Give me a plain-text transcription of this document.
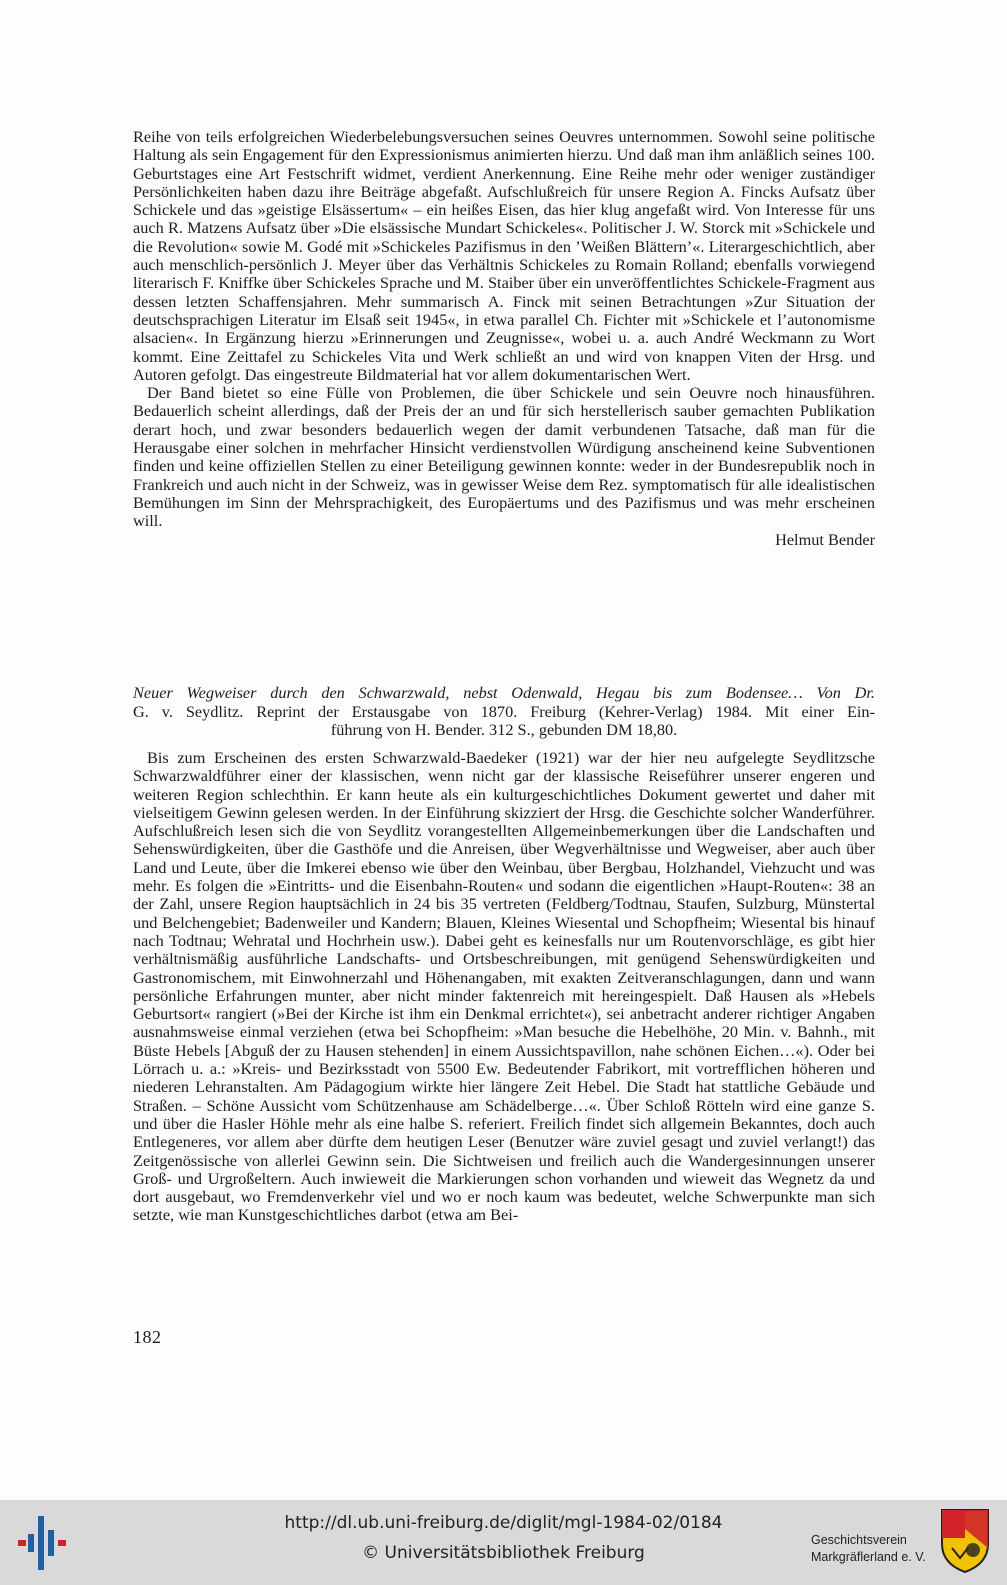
Reihe von teils erfolgreichen Wiederbelebungsversuchen seines Oeuvres unternommen. Sowohl seine politische Haltung als sein Engagement für den Expressionismus animierten hierzu. Und daß man ihm anläßlich seines 100. Geburtstages eine Art Festschrift widmet, verdient Anerkennung. Eine Reihe mehr oder weniger zuständiger Persönlichkeiten haben dazu ihre Beiträge abgefaßt. Aufschlußreich für unsere Region A. Fincks Aufsatz über Schickele und das »geistige Elsässertum« – ein heißes Eisen, das hier klug angefaßt wird. Von Interesse für uns auch R. Matzens Aufsatz über »Die elsässische Mundart Schickeles«. Politischer J. W. Storck mit »Schickele und die Revolution« sowie M. Godé mit »Schickeles Pazifismus in den ’Weißen Blättern’«. Literargeschichtlich, aber auch menschlich-persönlich J. Meyer über das Verhältnis Schickeles zu Romain Rolland; ebenfalls vorwiegend literarisch F. Kniffke über Schickeles Sprache und M. Staiber über ein unveröffentlichtes Schickele-Fragment aus dessen letzten Schaffensjahren. Mehr summarisch A. Finck mit seinen Betrachtungen »Zur Situation der deutschsprachigen Literatur im Elsaß seit 1945«, in etwa parallel Ch. Fichter mit »Schickele et l’autonomisme alsacien«. In Ergänzung hierzu »Erinnerungen und Zeugnisse«, wobei u. a. auch André Weckmann zu Wort kommt. Eine Zeittafel zu Schickeles Vita und Werk schließt an und wird von knappen Viten der Hrsg. und Autoren gefolgt. Das eingestreute Bildmaterial hat vor allem dokumentarischen Wert.

Der Band bietet so eine Fülle von Problemen, die über Schickele und sein Oeuvre noch hinausführen. Bedauerlich scheint allerdings, daß der Preis der an und für sich herstellerisch sauber gemachten Publikation derart hoch, und zwar besonders bedauerlich wegen der damit verbundenen Tatsache, daß man für die Herausgabe einer solchen in mehrfacher Hinsicht verdienstvollen Würdigung anscheinend keine Subventionen finden und keine offiziellen Stellen zu einer Beteiligung gewinnen konnte: weder in der Bundesrepublik noch in Frankreich und auch nicht in der Schweiz, was in gewisser Weise dem Rez. symptomatisch für alle idealistischen Bemühungen im Sinn der Mehrsprachigkeit, des Europäertums und des Pazifismus und was mehr erscheinen will.

Helmut Bender

Neuer Wegweiser durch den Schwarzwald, nebst Odenwald, Hegau bis zum Bodensee… Von Dr.
G. v. Seydlitz. Reprint der Erstausgabe von 1870. Freiburg (Kehrer-Verlag) 1984. Mit einer Ein-
führung von H. Bender. 312 S., gebunden DM 18,80.

Bis zum Erscheinen des ersten Schwarzwald-Baedeker (1921) war der hier neu aufgelegte Seydlitzsche Schwarzwaldführer einer der klassischen, wenn nicht gar der klassische Reiseführer unserer engeren und weiteren Region schlechthin. Er kann heute als ein kulturgeschichtliches Dokument gewertet und daher mit vielseitigem Gewinn gelesen werden. In der Einführung skizziert der Hrsg. die Geschichte solcher Wanderführer. Aufschlußreich lesen sich die von Seydlitz vorangestellten Allgemeinbemerkungen über die Landschaften und Sehenswürdigkeiten, über die Gasthöfe und die Anreisen, über Wegverhältnisse und Wegweiser, aber auch über Land und Leute, über die Imkerei ebenso wie über den Weinbau, über Bergbau, Holzhandel, Viehzucht und was mehr. Es folgen die »Eintritts- und die Eisenbahn-Routen« und sodann die eigentlichen »Haupt-Routen«: 38 an der Zahl, unsere Region hauptsächlich in 24 bis 35 vertreten (Feldberg/Todtnau, Staufen, Sulzburg, Münstertal und Belchengebiet; Badenweiler und Kandern; Blauen, Kleines Wiesental und Schopfheim; Wiesental bis hinauf nach Todtnau; Wehratal und Hochrhein usw.). Dabei geht es keinesfalls nur um Routenvorschläge, es gibt hier verhältnismäßig ausführliche Landschafts- und Ortsbeschreibungen, mit genügend Sehenswürdigkeiten und Gastronomischem, mit Einwohnerzahl und Höhenangaben, mit exakten Zeitveranschlagungen, dann und wann persönliche Erfahrungen munter, aber nicht minder faktenreich mit hereingespielt. Daß Hausen als »Hebels Geburtsort« rangiert (»Bei der Kirche ist ihm ein Denkmal errichtet«), sei anbetracht anderer richtiger Angaben ausnahmsweise einmal verziehen (etwa bei Schopfheim: »Man besuche die Hebelhöhe, 20 Min. v. Bahnh., mit Büste Hebels [Abguß der zu Hausen stehenden] in einem Aussichtspavillon, nahe schönen Eichen…«). Oder bei Lörrach u. a.: »Kreis- und Bezirksstadt von 5500 Ew. Bedeutender Fabrikort, mit vortrefflichen höheren und niederen Lehranstalten. Am Pädagogium wirkte hier längere Zeit Hebel. Die Stadt hat stattliche Gebäude und Straßen. – Schöne Aussicht vom Schützenhause am Schädelberge…«. Über Schloß Rötteln wird eine ganze S. und über die Hasler Höhle mehr als eine halbe S. referiert. Freilich findet sich allgemein Bekanntes, doch auch Entlegeneres, vor allem aber dürfte dem heutigen Leser (Benutzer wäre zuviel gesagt und zuviel verlangt!) das Zeitgenössische von allerlei Gewinn sein. Die Sichtweisen und freilich auch die Wandergesinnungen unserer Groß- und Urgroßeltern. Auch inwieweit die Markierungen schon vorhanden und wieweit das Wegnetz da und dort ausgebaut, wo Fremdenverkehr viel und wo er noch kaum was bedeutet, welche Schwerpunkte man sich setzte, wie man Kunstgeschichtliches darbot (etwa am Bei-

182
http://dl.ub.uni-freiburg.de/diglit/mgl-1984-02/0184
© Universitätsbibliothek Freiburg
Geschichtsverein
Markgräflerland e. V.
